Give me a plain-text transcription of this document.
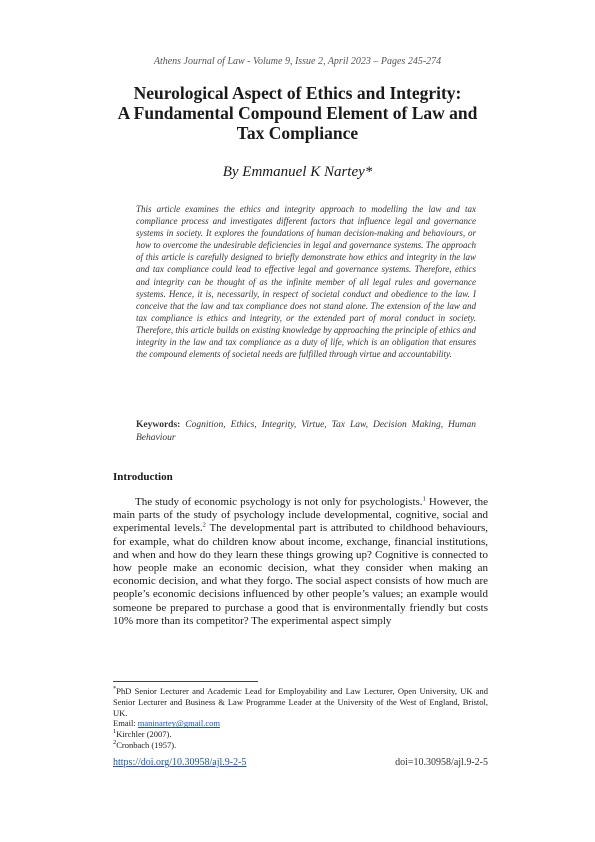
Athens Journal of Law - Volume 9, Issue 2, April 2023 – Pages 245-274
Neurological Aspect of Ethics and Integrity:
A Fundamental Compound Element of Law and
Tax Compliance
By Emmanuel K Nartey*

This article examines the ethics and integrity approach to modelling the law and tax compliance process and investigates different factors that influence legal and governance systems in society. It explores the foundations of human decision-making and behaviours, or how to overcome the undesirable deficiencies in legal and governance systems. The approach of this article is carefully designed to briefly demonstrate how ethics and integrity in the law and tax compliance could lead to effective legal and governance systems. Therefore, ethics and integrity can be thought of as the infinite member of all legal rules and governance systems. Hence, it is, necessarily, in respect of societal conduct and obedience to the law. I conceive that the law and tax compliance does not stand alone. The extension of the law and tax compliance is ethics and integrity, or the extended part of moral conduct in society. Therefore, this article builds on existing knowledge by approaching the principle of ethics and integrity in the law and tax compliance as a duty of life, which is an obligation that ensures the compound elements of societal needs are fulfilled through virtue and accountability.

Keywords: Cognition, Ethics, Integrity, Virtue, Tax Law, Decision Making, Human Behaviour

Introduction

The study of economic psychology is not only for psychologists.$^1$ However, the main parts of the study of psychology include developmental, cognitive, social and experimental levels.$^2$ The developmental part is attributed to childhood behaviours, for example, what do children know about income, exchange, financial institutions, and when and how do they learn these things growing up? Cognitive is connected to how people make an economic decision, what they consider when making an economic decision, and what they forgo. The social aspect consists of how much are people’s economic decisions influenced by other people’s values; an example would someone be prepared to purchase a good that is environmentally friendly but costs 10% more than its competitor? The experimental aspect simply

*PhD Senior Lecturer and Academic Lead for Employability and Law Lecturer, Open University, UK and Senior Lecturer and Business & Law Programme Leader at the University of the West of England, Bristol, UK.

Email: maninartey@gmail.com

$^1$Kirchler (2007).

$^2$Cronbach (1957).

https://doi.org/10.30958/ajl.9-2-5	doi=10.30958/ajl.9-2-5
